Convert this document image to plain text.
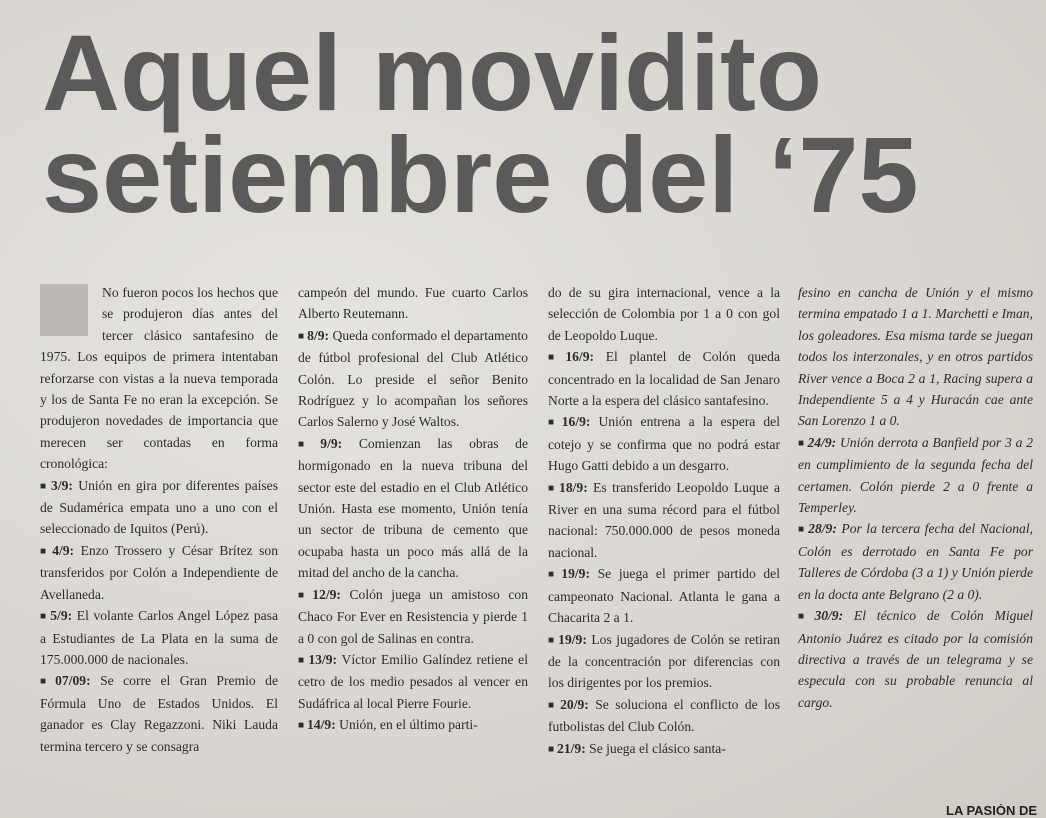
Aquel movidito
setiembre del ‘75

No fueron pocos los hechos que se produjeron días antes del tercer clásico santafesino de 1975. Los equipos de primera intentaban reforzarse con vistas a la nueva temporada y los de Santa Fe no eran la excepción. Se produjeron novedades de importancia que merecen ser contadas en forma cronológica:

■ 3/9: Unión en gira por diferentes países de Sudamérica empata uno a uno con el seleccionado de Iquitos (Perú).

■ 4/9: Enzo Trossero y César Brítez son transferidos por Colón a Independiente de Avellaneda.

■ 5/9: El volante Carlos Angel López pasa a Estudiantes de La Plata en la suma de 175.000.000 de nacionales.

■ 07/09: Se corre el Gran Premio de Fórmula Uno de Estados Unidos. El ganador es Clay Regazzoni. Niki Lauda termina tercero y se consagra

campeón del mundo. Fue cuarto Carlos Alberto Reutemann.

■ 8/9: Queda conformado el departamento de fútbol profesional del Club Atlético Colón. Lo preside el señor Benito Rodríguez y lo acompañan los señores Carlos Salerno y José Waltos.

■ 9/9: Comienzan las obras de hormigonado en la nueva tribuna del sector este del estadio en el Club Atlético Unión. Hasta ese momento, Unión tenía un sector de tribuna de cemento que ocupaba hasta un poco más allá de la mitad del ancho de la cancha.

■ 12/9: Colón juega un amistoso con Chaco For Ever en Resistencia y pierde 1 a 0 con gol de Salinas en contra.

■ 13/9: Víctor Emilio Galíndez retiene el cetro de los medio pesados al vencer en Sudáfrica al local Pierre Fourie.

■ 14/9: Unión, en el último parti-

do de su gira internacional, vence a la selección de Colombia por 1 a 0 con gol de Leopoldo Luque.

■ 16/9: El plantel de Colón queda concentrado en la localidad de San Jenaro Norte a la espera del clásico santafesino.

■ 16/9: Unión entrena a la espera del cotejo y se confirma que no podrá estar Hugo Gatti debido a un desgarro.

■ 18/9: Es transferido Leopoldo Luque a River en una suma récord para el fútbol nacional: 750.000.000 de pesos moneda nacional.

■ 19/9: Se juega el primer partido del campeonato Nacional. Atlanta le gana a Chacarita 2 a 1.

■ 19/9: Los jugadores de Colón se retiran de la concentración por diferencias con los dirigentes por los premios.

■ 20/9: Se soluciona el conflicto de los futbolistas del Club Colón.

■ 21/9: Se juega el clásico santa-

fesino en cancha de Unión y el mismo termina empatado 1 a 1. Marchetti e Iman, los goleadores. Esa misma tarde se juegan todos los interzonales, y en otros partidos River vence a Boca 2 a 1, Racing supera a Independiente 5 a 4 y Huracán cae ante San Lorenzo 1 a 0.

■ 24/9: Unión derrota a Banfield por 3 a 2 en cumplimiento de la segunda fecha del certamen. Colón pierde 2 a 0 frente a Temperley.

■ 28/9: Por la tercera fecha del Nacional, Colón es derrotado en Santa Fe por Talleres de Córdoba (3 a 1) y Unión pierde en la docta ante Belgrano (2 a 0).

■ 30/9: El técnico de Colón Miguel Antonio Juárez es citado por la comisión directiva a través de un telegrama y se especula con su probable renuncia al cargo.

LA PASIÓN DE
